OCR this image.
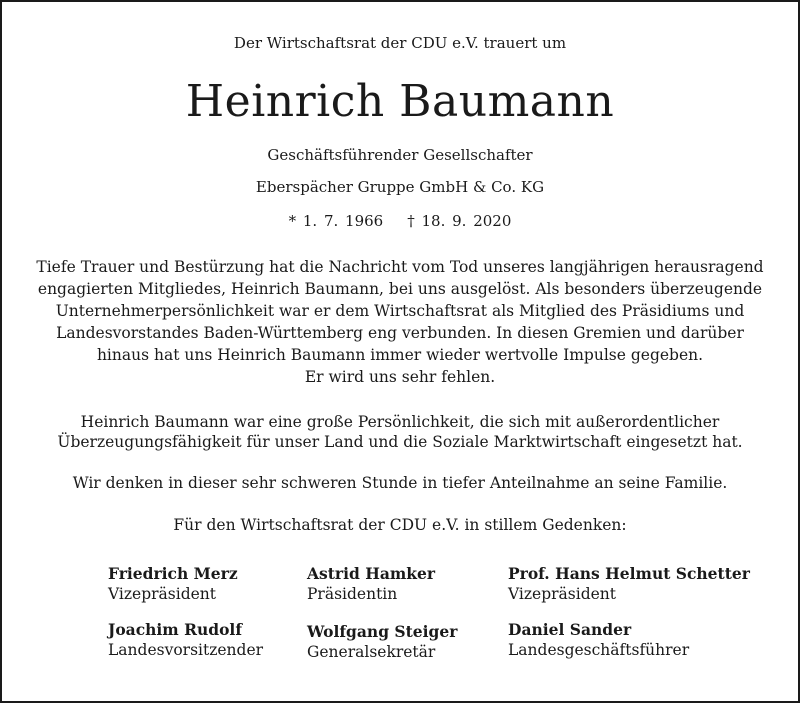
Der Wirtschaftsrat der CDU e.V. trauert um
Heinrich Baumann
Geschäftsführender Gesellschafter
Eberspächer Gruppe GmbH & Co. KG
* 1. 7. 1966 † 18. 9. 2020
Tiefe Trauer und Bestürzung hat die Nachricht vom Tod unseres langjährigen herausragend
engagierten Mitgliedes, Heinrich Baumann, bei uns ausgelöst. Als besonders überzeugende
Unternehmerpersönlichkeit war er dem Wirtschaftsrat als Mitglied des Präsidiums und
Landesvorstandes Baden-Württemberg eng verbunden. In diesen Gremien und darüber
hinaus hat uns Heinrich Baumann immer wieder wertvolle Impulse gegeben.
Er wird uns sehr fehlen.
Heinrich Baumann war eine große Persönlichkeit, die sich mit außerordentlicher
Überzeugungsfähigkeit für unser Land und die Soziale Marktwirtschaft eingesetzt hat.
Wir denken in dieser sehr schweren Stunde in tiefer Anteilnahme an seine Familie.
Für den Wirtschaftsrat der CDU e.V. in stillem Gedenken:
Friedrich Merz
Vizepräsident
Astrid Hamker
Präsidentin
Prof. Hans Helmut Schetter
Vizepräsident
Joachim Rudolf
Landesvorsitzender
Wolfgang Steiger
Generalsekretär
Daniel Sander
Landesgeschäftsführer
